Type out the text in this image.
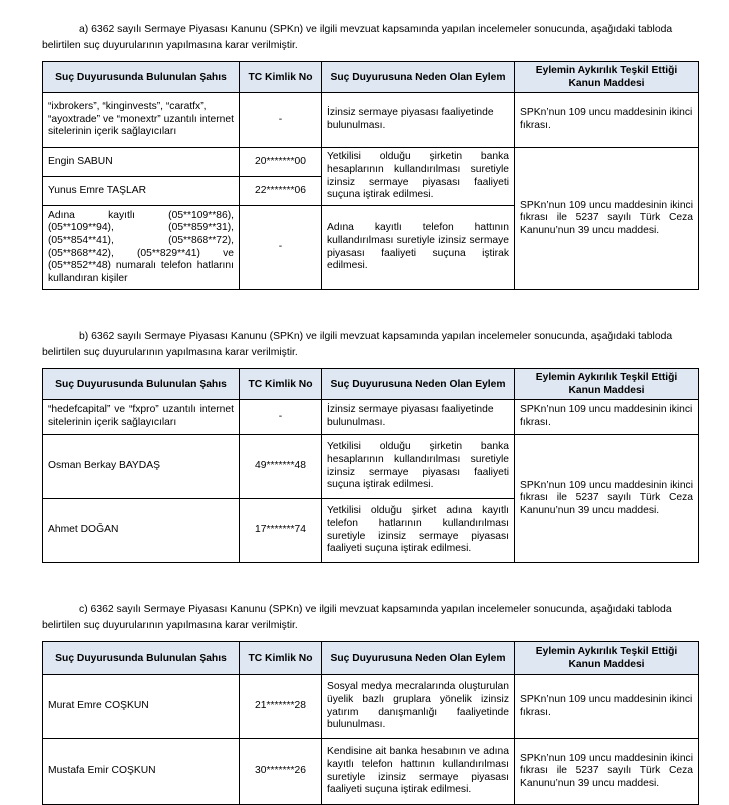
a) 6362 sayılı Sermaye Piyasası Kanunu (SPKn) ve ilgili mevzuat kapsamında yapılan incelemeler sonucunda, aşağıdaki tabloda belirtilen suç duyurularının yapılmasına karar verilmiştir.

Suç Duyurusunda Bulunulan Şahıs	TC Kimlik No	Suç Duyurusuna Neden Olan Eylem	Eylemin Aykırılık Teşkil Ettiği Kanun Maddesi
“ixbrokers”, “kinginvests”, “caratfx”, “ayoxtrade” ve “monextr” uzantılı internet sitelerinin içerik sağlayıcıları	-	İzinsiz sermaye piyasası faaliyetinde bulunulması.	SPKn’nun 109 uncu maddesinin ikinci fıkrası.
Engin SABUN	20*******00	Yetkilisi olduğu şirketin banka hesaplarının kullandırılması suretiyle izinsiz sermaye piyasası faaliyeti suçuna iştirak edilmesi.	SPKn’nun 109 uncu maddesinin ikinci fıkrası ile 5237 sayılı Türk Ceza Kanunu’nun 39 uncu maddesi.
Yunus Emre TAŞLAR	22*******06		
Adına kayıtlı (05**109**86), (05**109**94), (05**859**31), (05**854**41), (05**868**72), (05**868**42), (05**829**41) ve (05**852**48) numaralı telefon hatlarını kullandıran kişiler	-	Adına kayıtlı telefon hattının kullandırılması suretiyle izinsiz sermaye piyasası faaliyeti suçuna iştirak edilmesi.	

b) 6362 sayılı Sermaye Piyasası Kanunu (SPKn) ve ilgili mevzuat kapsamında yapılan incelemeler sonucunda, aşağıdaki tabloda belirtilen suç duyurularının yapılmasına karar verilmiştir.

Suç Duyurusunda Bulunulan Şahıs	TC Kimlik No	Suç Duyurusuna Neden Olan Eylem	Eylemin Aykırılık Teşkil Ettiği Kanun Maddesi
“hedefcapital” ve “fxpro” uzantılı internet sitelerinin içerik sağlayıcıları	-	İzinsiz sermaye piyasası faaliyetinde bulunulması.	SPKn’nun 109 uncu maddesinin ikinci fıkrası.
Osman Berkay BAYDAŞ	49*******48	Yetkilisi olduğu şirketin banka hesaplarının kullandırılması suretiyle izinsiz sermaye piyasası faaliyeti suçuna iştirak edilmesi.	SPKn’nun 109 uncu maddesinin ikinci fıkrası ile 5237 sayılı Türk Ceza Kanunu’nun 39 uncu maddesi.
Ahmet DOĞAN	17*******74	Yetkilisi olduğu şirket adına kayıtlı telefon hatlarının kullandırılması suretiyle izinsiz sermaye piyasası faaliyeti suçuna iştirak edilmesi.	

c) 6362 sayılı Sermaye Piyasası Kanunu (SPKn) ve ilgili mevzuat kapsamında yapılan incelemeler sonucunda, aşağıdaki tabloda belirtilen suç duyurularının yapılmasına karar verilmiştir.

Suç Duyurusunda Bulunulan Şahıs	TC Kimlik No	Suç Duyurusuna Neden Olan Eylem	Eylemin Aykırılık Teşkil Ettiği Kanun Maddesi
Murat Emre COŞKUN	21*******28	Sosyal medya mecralarında oluşturulan üyelik bazlı gruplara yönelik izinsiz yatırım danışmanlığı faaliyetinde bulunulması.	SPKn’nun 109 uncu maddesinin ikinci fıkrası.
Mustafa Emir COŞKUN	30*******26	Kendisine ait banka hesabının ve adına kayıtlı telefon hattının kullandırılması suretiyle izinsiz sermaye piyasası faaliyeti suçuna iştirak edilmesi.	SPKn’nun 109 uncu maddesinin ikinci fıkrası ile 5237 sayılı Türk Ceza Kanunu’nun 39 uncu maddesi.
